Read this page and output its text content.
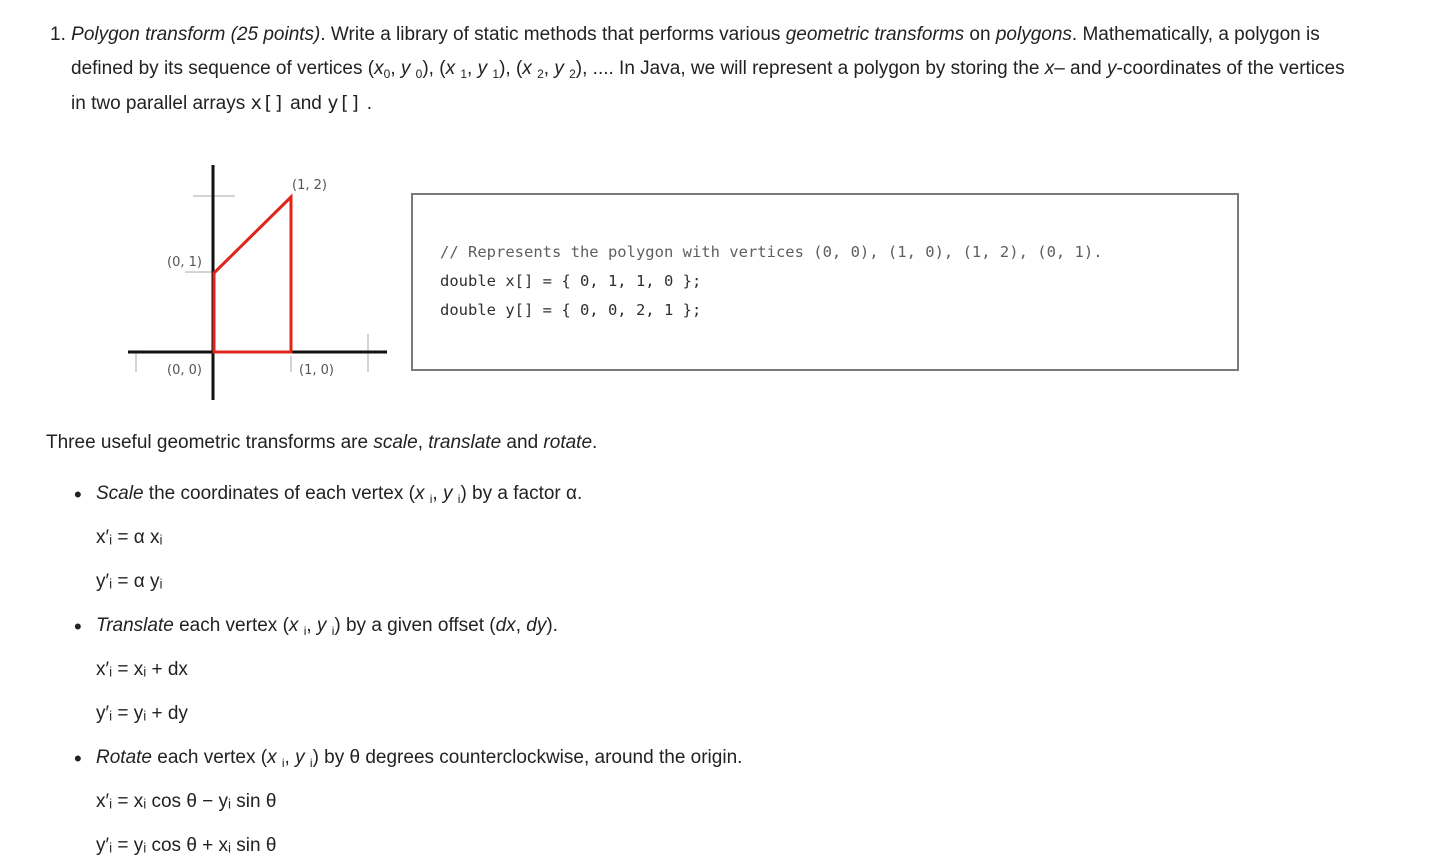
1. Polygon transform (25 points). Write a library of static methods that performs various geometric transforms on polygons. Mathematically, a polygon is
defined by its sequence of vertices ($x_0$, y $_0$), (x $_1$, y $_1$), (x $_2$, y $_2$), .... In Java, we will represent a polygon by storing the x– and y-coordinates of the vertices
in two parallel arrays x[] and y[] .
(1, 2)
(0, 1)
(0, 0)	(1, 0)
// Represents the polygon with vertices (0, 0), (1, 0), (1, 2), (0, 1).
double x[] = { 0, 1, 1, 0 };
double y[] = { 0, 0, 2, 1 };
Three useful geometric transforms are scale, translate and rotate.
• Scale the coordinates of each vertex (x $_i$, y $_i$) by a factor α.
x′ᵢ = α xᵢ
y′ᵢ = α yᵢ
• Translate each vertex (x $_i$, y $_i$) by a given offset (dx, dy).
x′ᵢ = xᵢ + dx
y′ᵢ = yᵢ + dy
• Rotate each vertex (x $_i$, y $_i$) by θ degrees counterclockwise, around the origin.
x′ᵢ = xᵢ cos θ − yᵢ sin θ
y′ᵢ = yᵢ cos θ + xᵢ sin θ
